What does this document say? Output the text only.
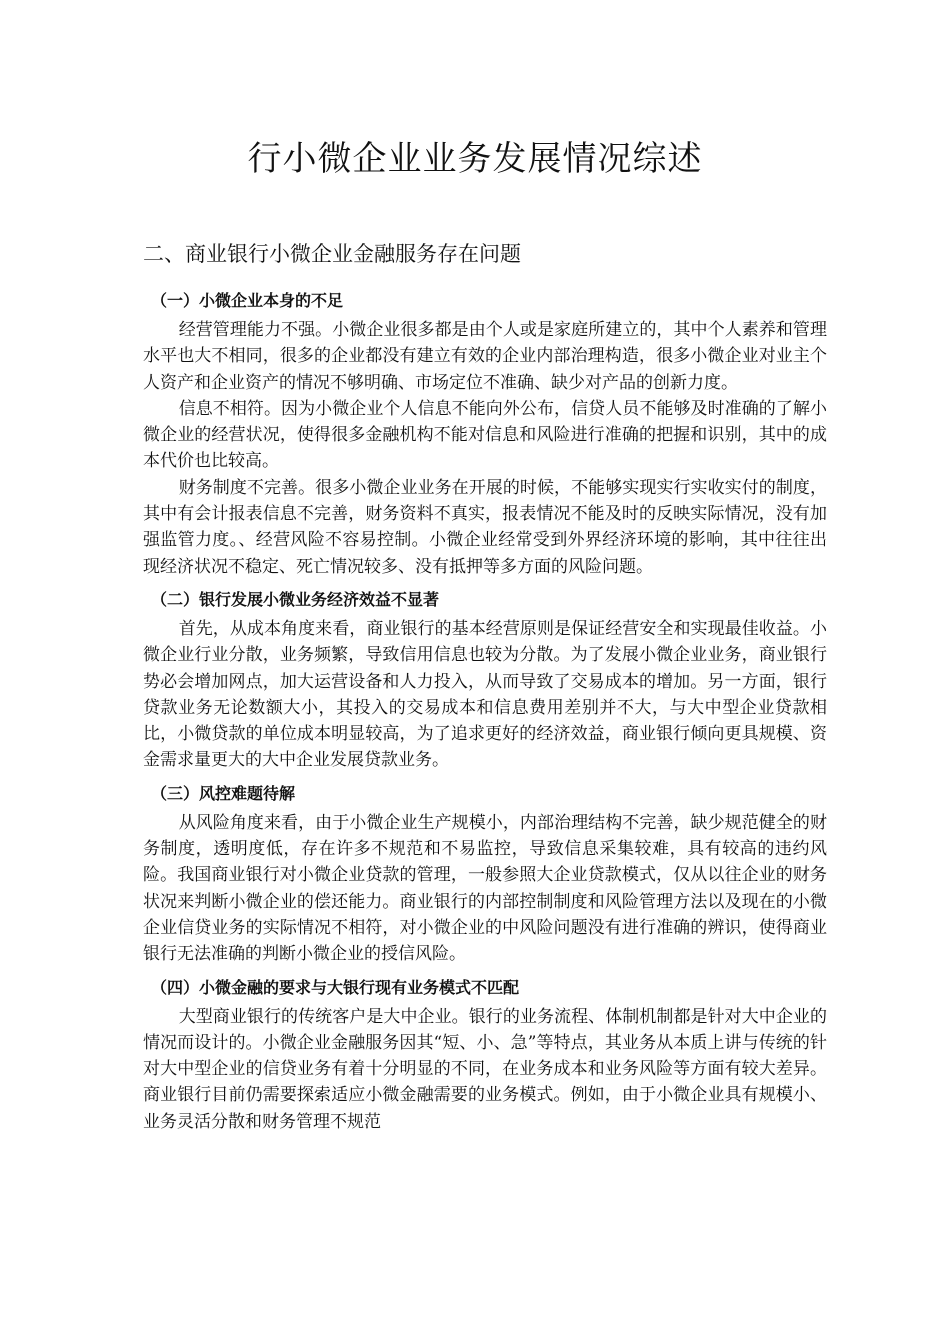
行小微企业业务发展情况综述
二、商业银行小微企业金融服务存在问题

（一）小微企业本身的不足

经营管理能力不强。小微企业很多都是由个人或是家庭所建立的，其中个人素养和管理水平也大不相同，很多的企业都没有建立有效的企业内部治理构造，很多小微企业对业主个人资产和企业资产的情况不够明确、市场定位不准确、缺少对产品的创新力度。

信息不相符。因为小微企业个人信息不能向外公布，信贷人员不能够及时准确的了解小微企业的经营状况，使得很多金融机构不能对信息和风险进行准确的把握和识别，其中的成本代价也比较高。

财务制度不完善。很多小微企业业务在开展的时候，不能够实现实行实收实付的制度，其中有会计报表信息不完善，财务资料不真实，报表情况不能及时的反映实际情况，没有加强监管力度。、经营风险不容易控制。小微企业经常受到外界经济环境的影响，其中往往出现经济状况不稳定、死亡情况较多、没有抵押等多方面的风险问题。

（二）银行发展小微业务经济效益不显著

首先，从成本角度来看，商业银行的基本经营原则是保证经营安全和实现最佳收益。小微企业行业分散，业务频繁，导致信用信息也较为分散。为了发展小微企业业务，商业银行势必会增加网点，加大运营设备和人力投入，从而导致了交易成本的增加。另一方面，银行贷款业务无论数额大小，其投入的交易成本和信息费用差别并不大，与大中型企业贷款相比，小微贷款的单位成本明显较高，为了追求更好的经济效益，商业银行倾向更具规模、资金需求量更大的大中企业发展贷款业务。

（三）风控难题待解

从风险角度来看，由于小微企业生产规模小，内部治理结构不完善，缺少规范健全的财务制度，透明度低，存在许多不规范和不易监控，导致信息采集较难，具有较高的违约风险。我国商业银行对小微企业贷款的管理，一般参照大企业贷款模式，仅从以往企业的财务状况来判断小微企业的偿还能力。商业银行的内部控制制度和风险管理方法以及现在的小微企业信贷业务的实际情况不相符，对小微企业的中风险问题没有进行准确的辨识，使得商业银行无法准确的判断小微企业的授信风险。

（四）小微金融的要求与大银行现有业务模式不匹配

大型商业银行的传统客户是大中企业。银行的业务流程、体制机制都是针对大中企业的情况而设计的。小微企业金融服务因其“短、小、急”等特点，其业务从本质上讲与传统的针对大中型企业的信贷业务有着十分明显的不同，在业务成本和业务风险等方面有较大差异。商业银行目前仍需要探索适应小微金融需要的业务模式。例如，由于小微企业具有规模小、业务灵活分散和财务管理不规范
